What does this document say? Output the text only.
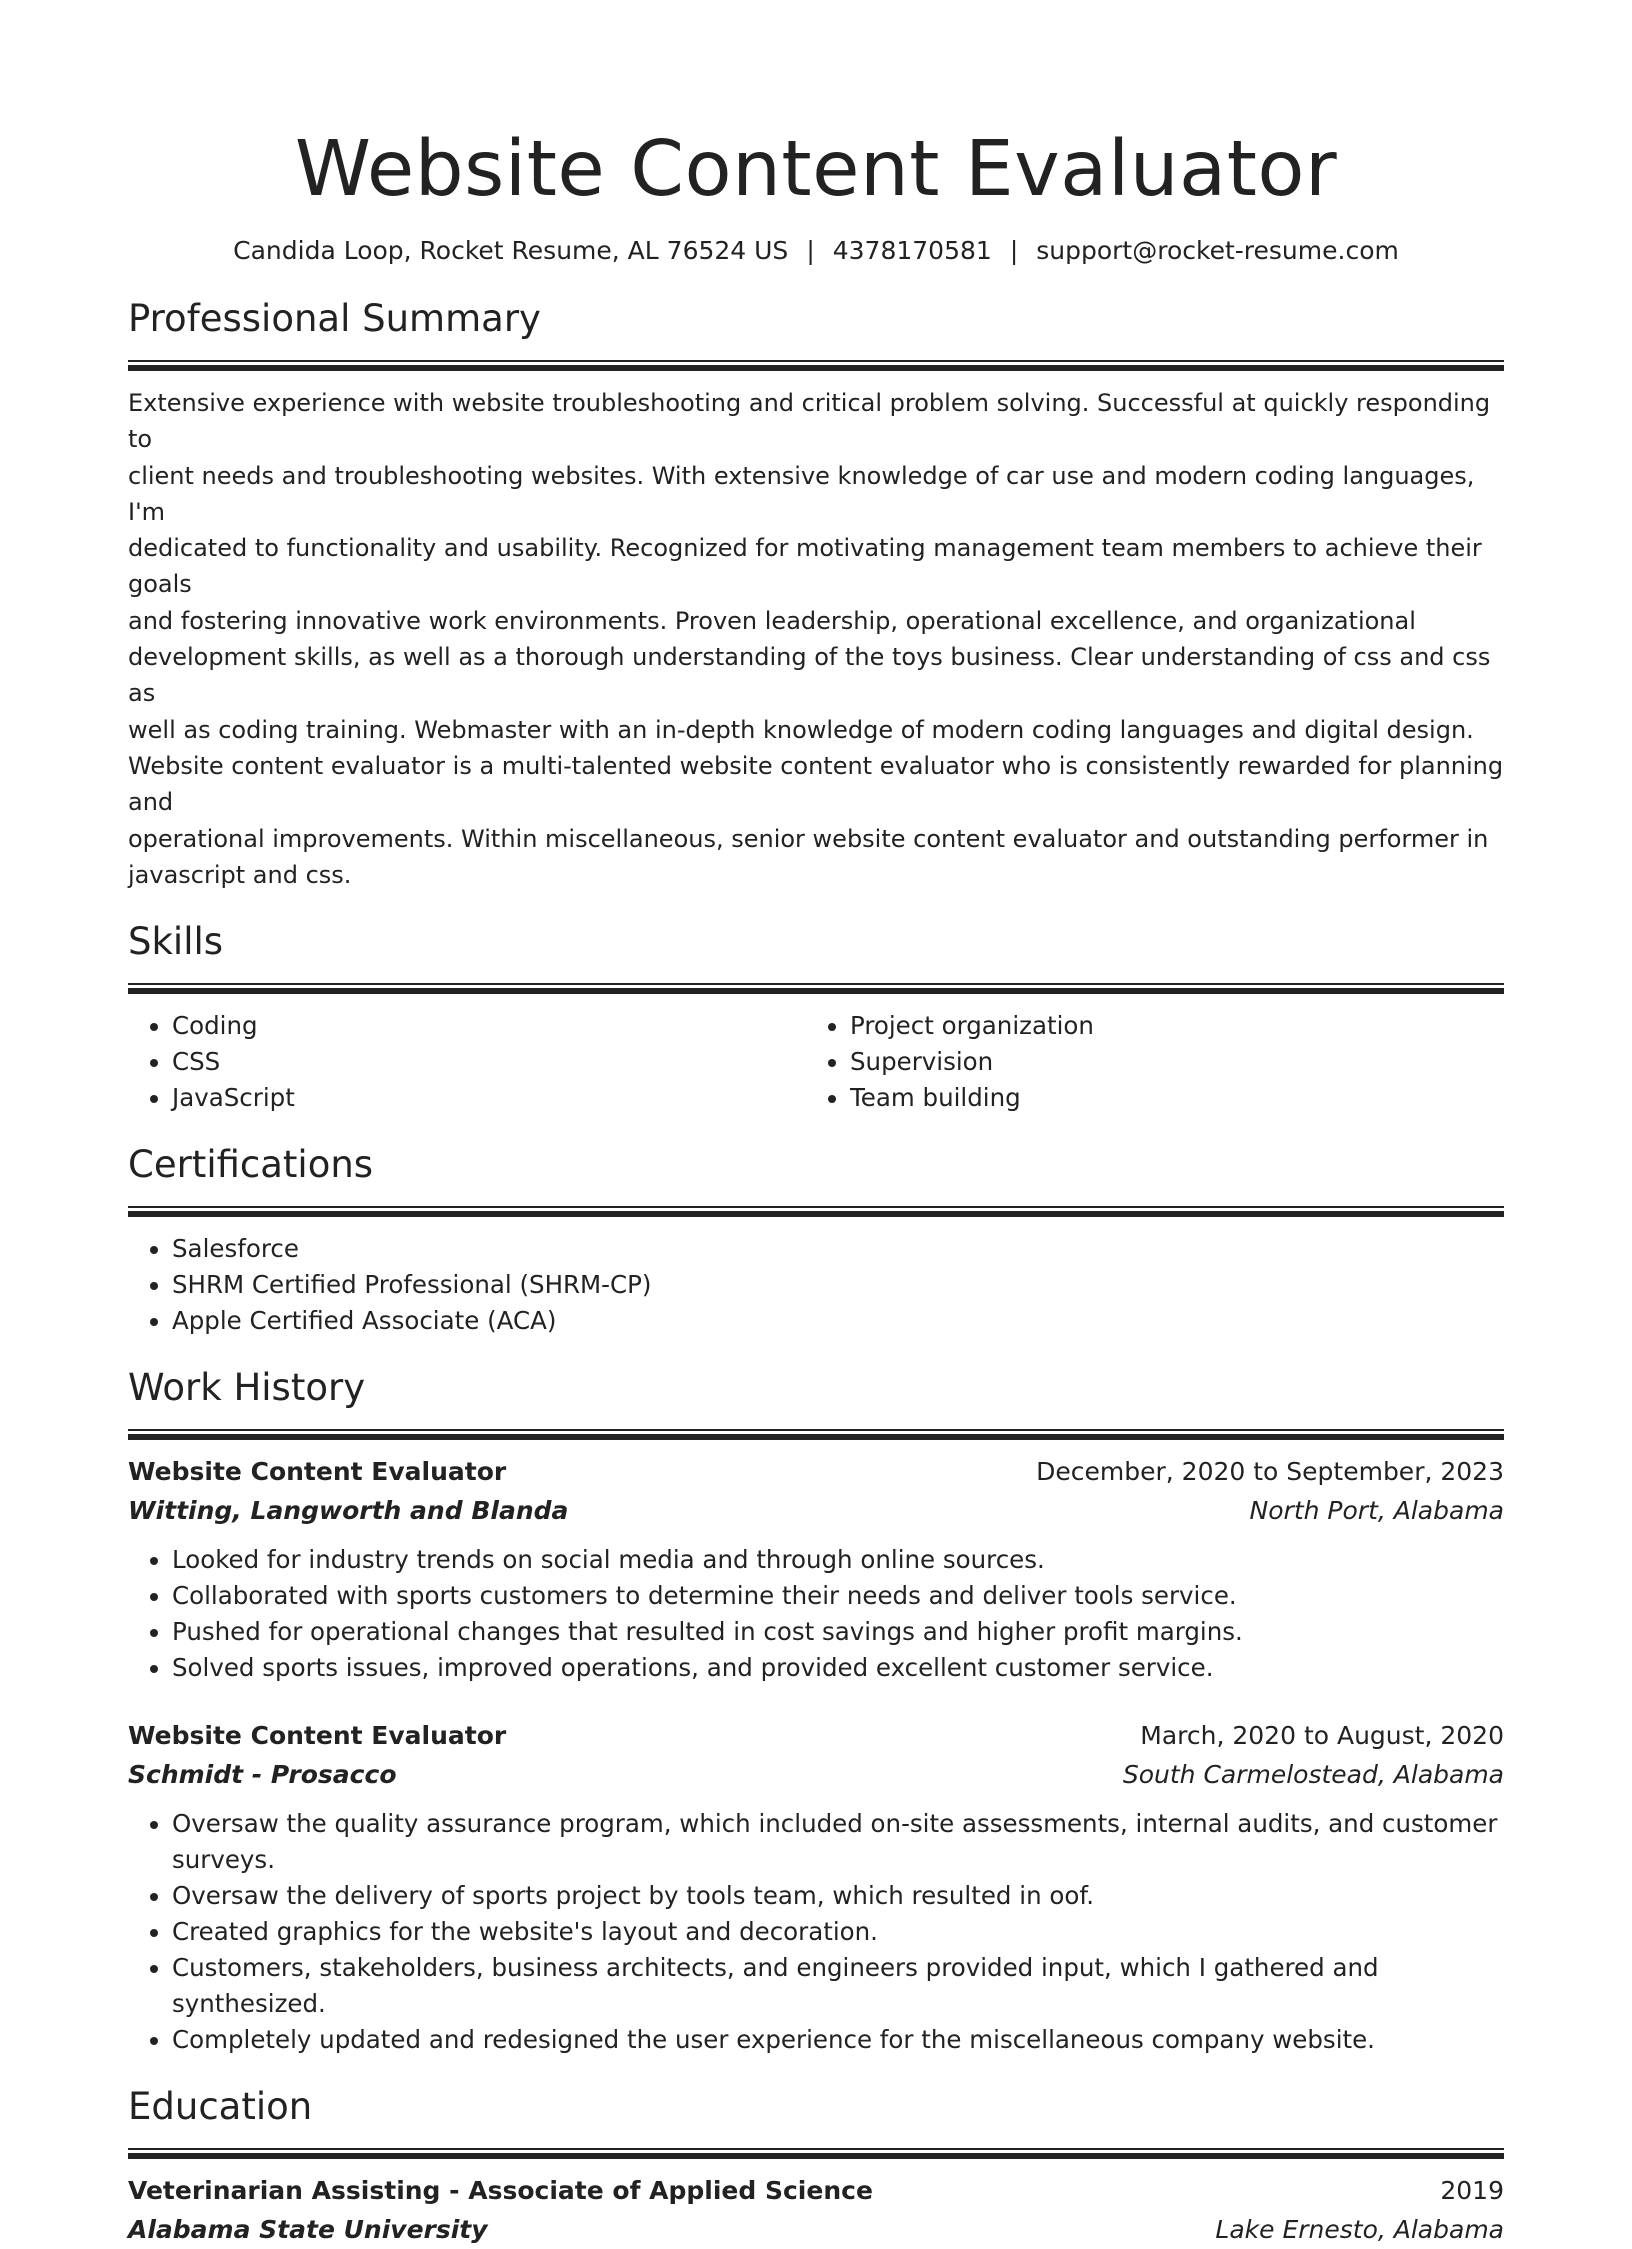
Website Content Evaluator
Candida Loop, Rocket Resume, AL 76524 US | 4378170581 | support@rocket-resume.com
Professional Summary
Extensive experience with website troubleshooting and critical problem solving. Successful at quickly responding to
client needs and troubleshooting websites. With extensive knowledge of car use and modern coding languages, I'm
dedicated to functionality and usability. Recognized for motivating management team members to achieve their goals
and fostering innovative work environments. Proven leadership, operational excellence, and organizational
development skills, as well as a thorough understanding of the toys business. Clear understanding of css and css as
well as coding training. Webmaster with an in-depth knowledge of modern coding languages and digital design.
Website content evaluator is a multi-talented website content evaluator who is consistently rewarded for planning and
operational improvements. Within miscellaneous, senior website content evaluator and outstanding performer in
javascript and css.
Skills
• Coding
• CSS
• JavaScript
• Project organization
• Supervision
• Team building
Certifications
• Salesforce
• SHRM Certified Professional (SHRM-CP)
• Apple Certified Associate (ACA)
Work History
Website Content Evaluator	December, 2020 to September, 2023
Witting, Langworth and Blanda	North Port, Alabama
• Looked for industry trends on social media and through online sources.
• Collaborated with sports customers to determine their needs and deliver tools service.
• Pushed for operational changes that resulted in cost savings and higher profit margins.
• Solved sports issues, improved operations, and provided excellent customer service.
Website Content Evaluator	March, 2020 to August, 2020
Schmidt - Prosacco	South Carmelostead, Alabama
• Oversaw the quality assurance program, which included on-site assessments, internal audits, and customer surveys.
• Oversaw the delivery of sports project by tools team, which resulted in oof.
• Created graphics for the website's layout and decoration.
• Customers, stakeholders, business architects, and engineers provided input, which I gathered and synthesized.
• Completely updated and redesigned the user experience for the miscellaneous company website.
Education
Veterinarian Assisting - Associate of Applied Science	2019
Alabama State University	Lake Ernesto, Alabama
